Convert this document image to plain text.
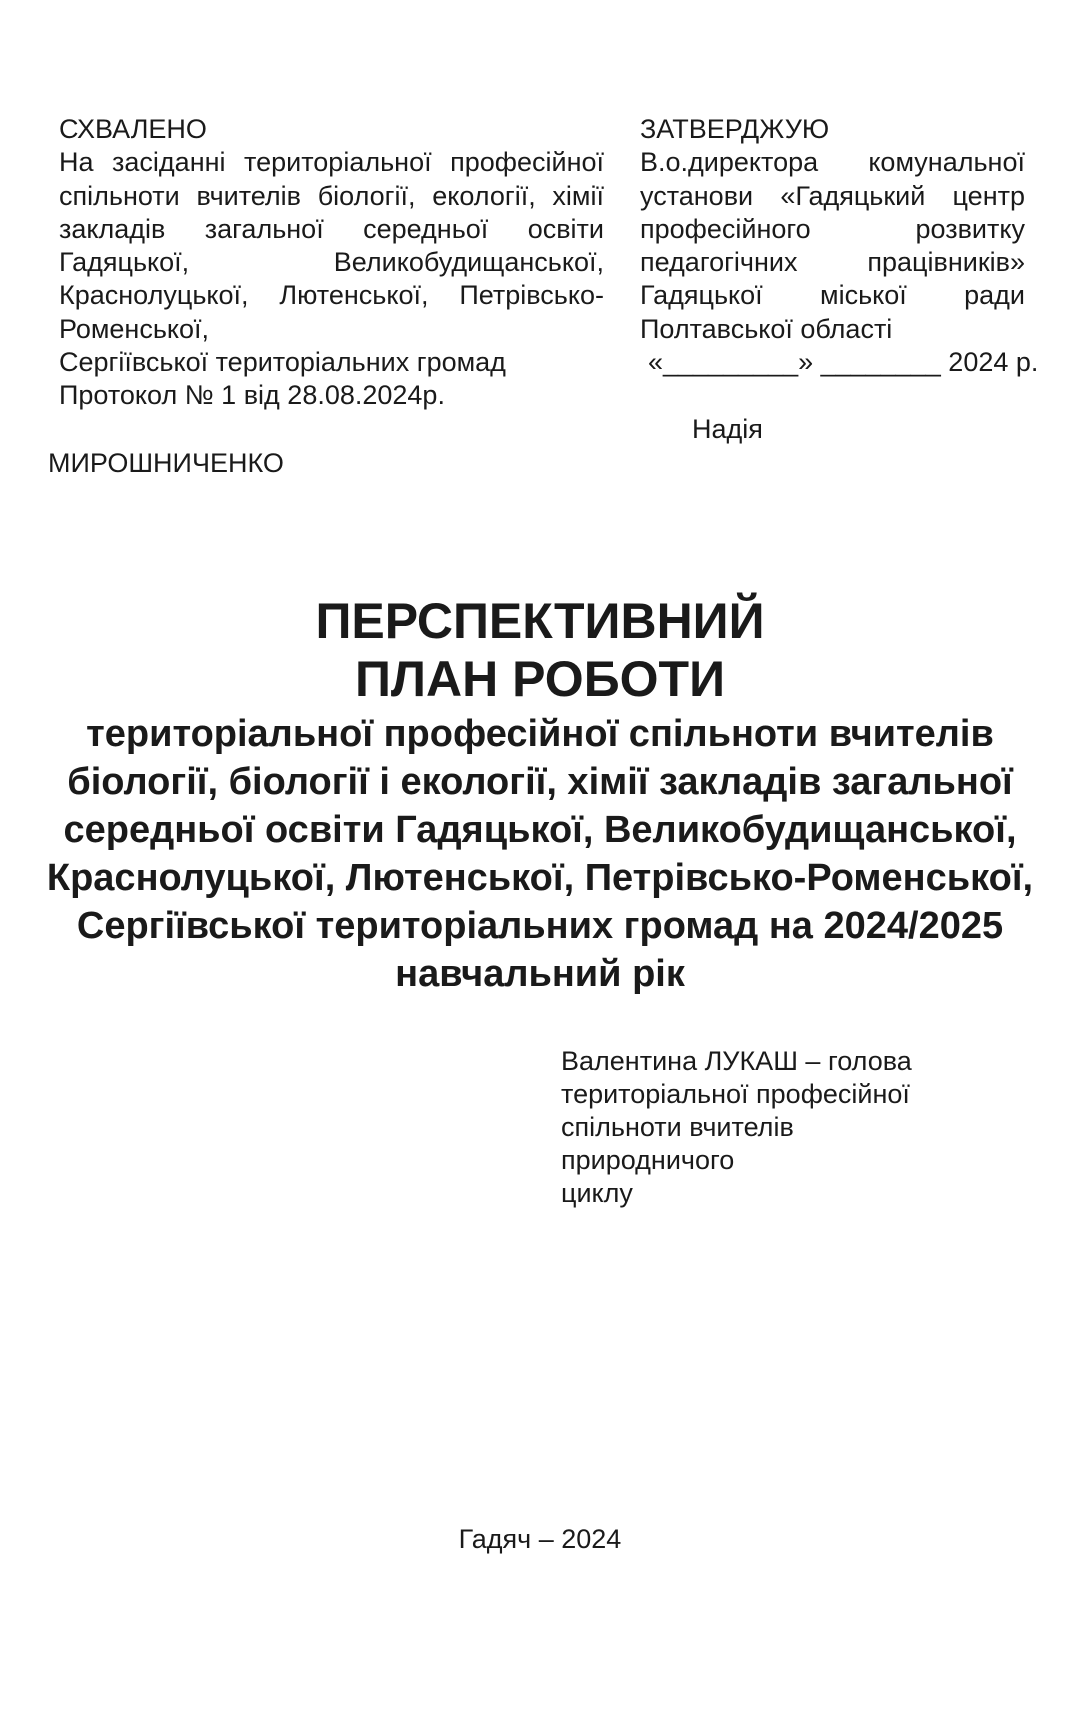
СХВАЛЕНО
На засіданні територіальної професійної спільноти вчителів біології, екології, хімії закладів загальної середньої освіти Гадяцької, Великобудищанської, Краснолуцької, Лютенської, Петрівсько-Роменської,
Сергіївської територіальних громад
Протокол № 1 від 28.08.2024р.
ЗАТВЕРДЖУЮ
В.о.директора комунальної установи «Гадяцький центр професійного розвитку педагогічних працівників» Гадяцької міської ради
Полтавської області
«_________» ________ 2024 р.
Надія
МИРОШНИЧЕНКО
ПЕРСПЕКТИВНИЙ
ПЛАН РОБОТИ
територіальної професійної спільноти вчителів біології, біології і екології, хімії закладів загальної середньої освіти Гадяцької, Великобудищанської, Краснолуцької, Лютенської, Петрівсько-Роменської, Сергіївської територіальних громад на 2024/2025 навчальний рік
Валентина ЛУКАШ – голова
територіальної професійної
спільноти вчителів
природничого
циклу
Гадяч – 2024
